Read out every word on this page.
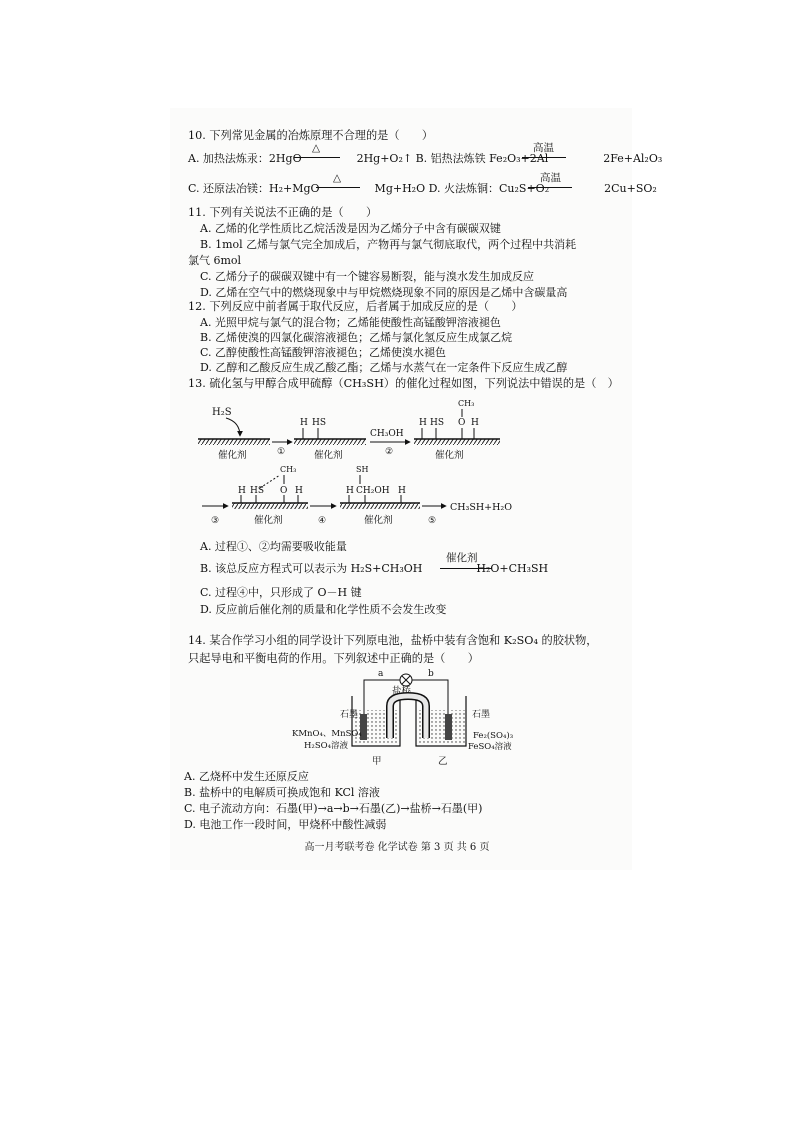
10. 下列常见金属的冶炼原理不合理的是（　　）
A. 加热法炼汞：2HgO　　　　　2Hg+O₂↑ B. 铝热法炼铁 Fe₂O₃+2Al　　　　　2Fe+Al₂O₃
△	高温
C. 还原法冶镁：H₂+MgO　　　　　Mg+H₂O D. 火法炼铜：Cu₂S+O₂　　　　　2Cu+SO₂
△	高温
11. 下列有关说法不正确的是（　　）
A. 乙烯的化学性质比乙烷活泼是因为乙烯分子中含有碳碳双键
B. 1mol 乙烯与氯气完全加成后，产物再与氯气彻底取代，两个过程中共消耗
氯气 6mol
C. 乙烯分子的碳碳双键中有一个键容易断裂，能与溴水发生加成反应
D. 乙烯在空气中的燃烧现象中与甲烷燃烧现象不同的原因是乙烯中含碳量高
12. 下列反应中前者属于取代反应，后者属于加成反应的是（　　）
A. 光照甲烷与氯气的混合物；乙烯能使酸性高锰酸钾溶液褪色
B. 乙烯使溴的四氯化碳溶液褪色；乙烯与氯化氢反应生成氯乙烷
C. 乙醇使酸性高锰酸钾溶液褪色；乙烯使溴水褪色
D. 乙醇和乙酸反应生成乙酸乙酯；乙烯与水蒸气在一定条件下反应生成乙醇
13. 硫化氢与甲醇合成甲硫醇（CH₃SH）的催化过程如图，下列说法中错误的是（　）
H₂S
催化剂	①
H HS
催化剂
CH₃OH
②
H HS
CH₃
O H
催化剂
③
H HS
CH₃
O H
催化剂	④
SH
H CH₂OH H
催化剂	⑤
CH₃SH+H₂O
A. 过程①、②均需要吸收能量
B. 该总反应方程式可以表示为 H₂S+CH₃OH	H₂O+CH₃SH
催化剂
C. 过程④中，只形成了 O－H 键
D. 反应前后催化剂的质量和化学性质不会发生改变
14. 某合作学习小组的同学设计下列原电池，盐桥中装有含饱和 K₂SO₄ 的胶状物，
只起导电和平衡电荷的作用。下列叙述中正确的是（　　）
a	b
盐桥
石墨	石墨
KMnO₄、MnSO₄
H₂SO₄溶液
Fe₂(SO₄)₃
FeSO₄溶液
甲	乙
A. 乙烧杯中发生还原反应
B. 盐桥中的电解质可换成饱和 KCl 溶液
C. 电子流动方向：石墨(甲)→a→b→石墨(乙)→盐桥→石墨(甲)
D. 电池工作一段时间，甲烧杯中酸性减弱
高一月考联考卷 化学试卷 第 3 页 共 6 页
